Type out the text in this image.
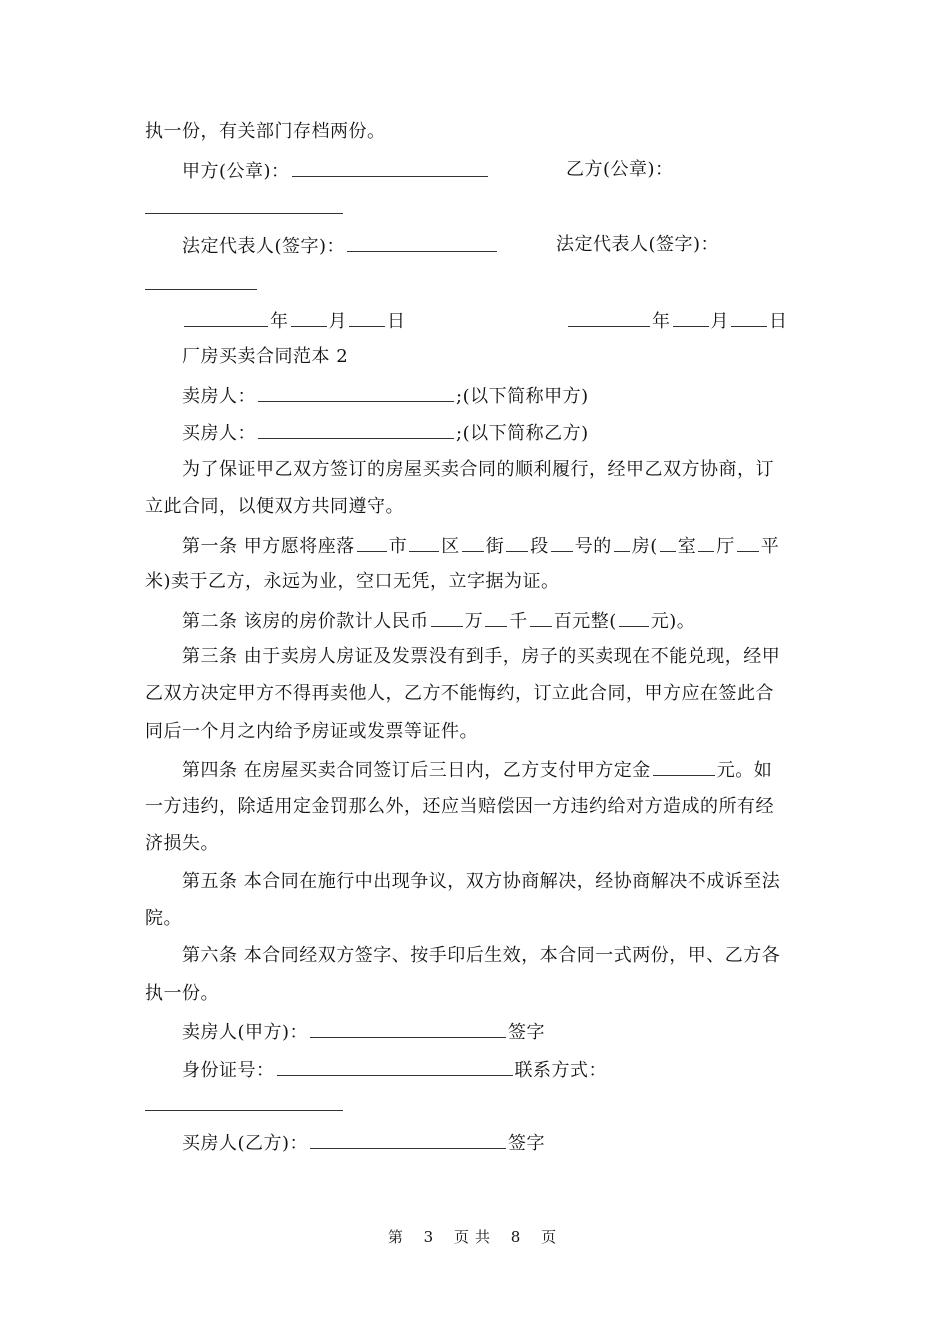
执一份，有关部门存档两份。
甲方(公章)：	乙方(公章)：
法定代表人(签字)：	法定代表人(签字)：
年 月 日	年 月 日
厂房买卖合同范本 2
卖房人：	;(以下简称甲方)
买房人：	;(以下简称乙方)
为了保证甲乙双方签订的房屋买卖合同的顺利履行，经甲乙双方协商，订
立此合同，以便双方共同遵守。
第一条 甲方愿将座落 市 区 街 段 号的 房( 室 厅 平
米)卖于乙方，永远为业，空口无凭，立字据为证。
第二条 该房的房价款计人民币 万 千 百元整( 元)。
第三条 由于卖房人房证及发票没有到手，房子的买卖现在不能兑现，经甲
乙双方决定甲方不得再卖他人，乙方不能悔约，订立此合同，甲方应在签此合
同后一个月之内给予房证或发票等证件。
第四条 在房屋买卖合同签订后三日内，乙方支付甲方定金	元。如
一方违约，除适用定金罚那么外，还应当赔偿因一方违约给对方造成的所有经
济损失。
第五条 本合同在施行中出现争议，双方协商解决，经协商解决不成诉至法
院。
第六条 本合同经双方签字、按手印后生效，本合同一式两份，甲、乙方各
执一份。
卖房人(甲方)：	签字
身份证号：	联系方式：
买房人(乙方)：	签字
第 3 页共 8 页
